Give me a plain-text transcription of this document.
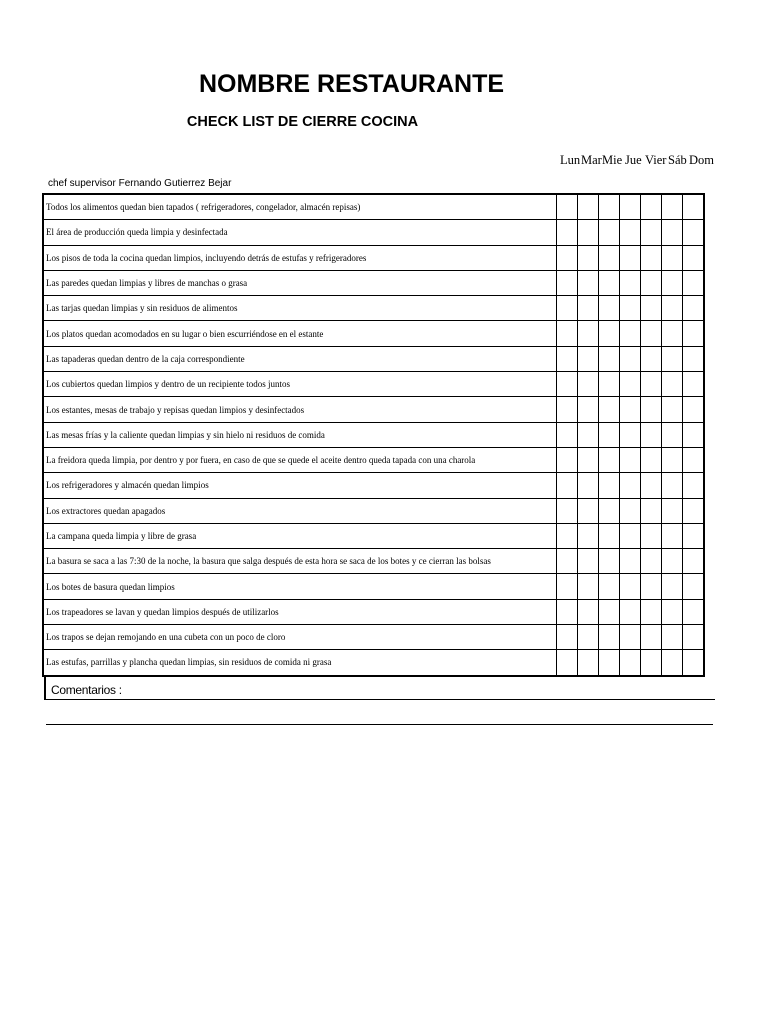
NOMBRE RESTAURANTE
CHECK LIST DE CIERRE COCINA
Lun Mar Mie Jue Vier Sáb Dom
chef supervisor Fernando Gutierrez Bejar
Todos los alimentos quedan bien tapados ( refrigeradores, congelador, almacén repisas)							
El área de producción queda limpia y desinfectada							
Los pisos de toda la cocina quedan limpios, incluyendo detrás de estufas y refrigeradores							
Las paredes quedan limpias y libres de manchas o grasa							
Las tarjas quedan limpias y sin residuos de alimentos							
Los platos quedan acomodados en su lugar o bien escurriéndose en el estante							
Las tapaderas quedan dentro de la caja correspondiente							
Los cubiertos quedan limpios y dentro de un recipiente todos juntos							
Los estantes, mesas de trabajo y repisas quedan limpios y desinfectados							
Las mesas frías y la caliente quedan limpias y sin hielo ni residuos de comida							
La freidora queda limpia, por dentro y por fuera, en caso de que se quede el aceite dentro queda tapada con una charola							
Los refrigeradores y almacén quedan limpios							
Los extractores quedan apagados							
La campana queda limpia y libre de grasa							
La basura se saca a las 7:30 de la noche, la basura que salga después de esta hora se saca de los botes y ce cierran las bolsas							
Los botes de basura quedan limpios							
Los trapeadores se lavan y quedan limpios después de utilizarlos							
Los trapos se dejan remojando en una cubeta con un poco de cloro							
Las estufas, parrillas y plancha quedan limpias, sin residuos de comida ni grasa							
Comentarios :
